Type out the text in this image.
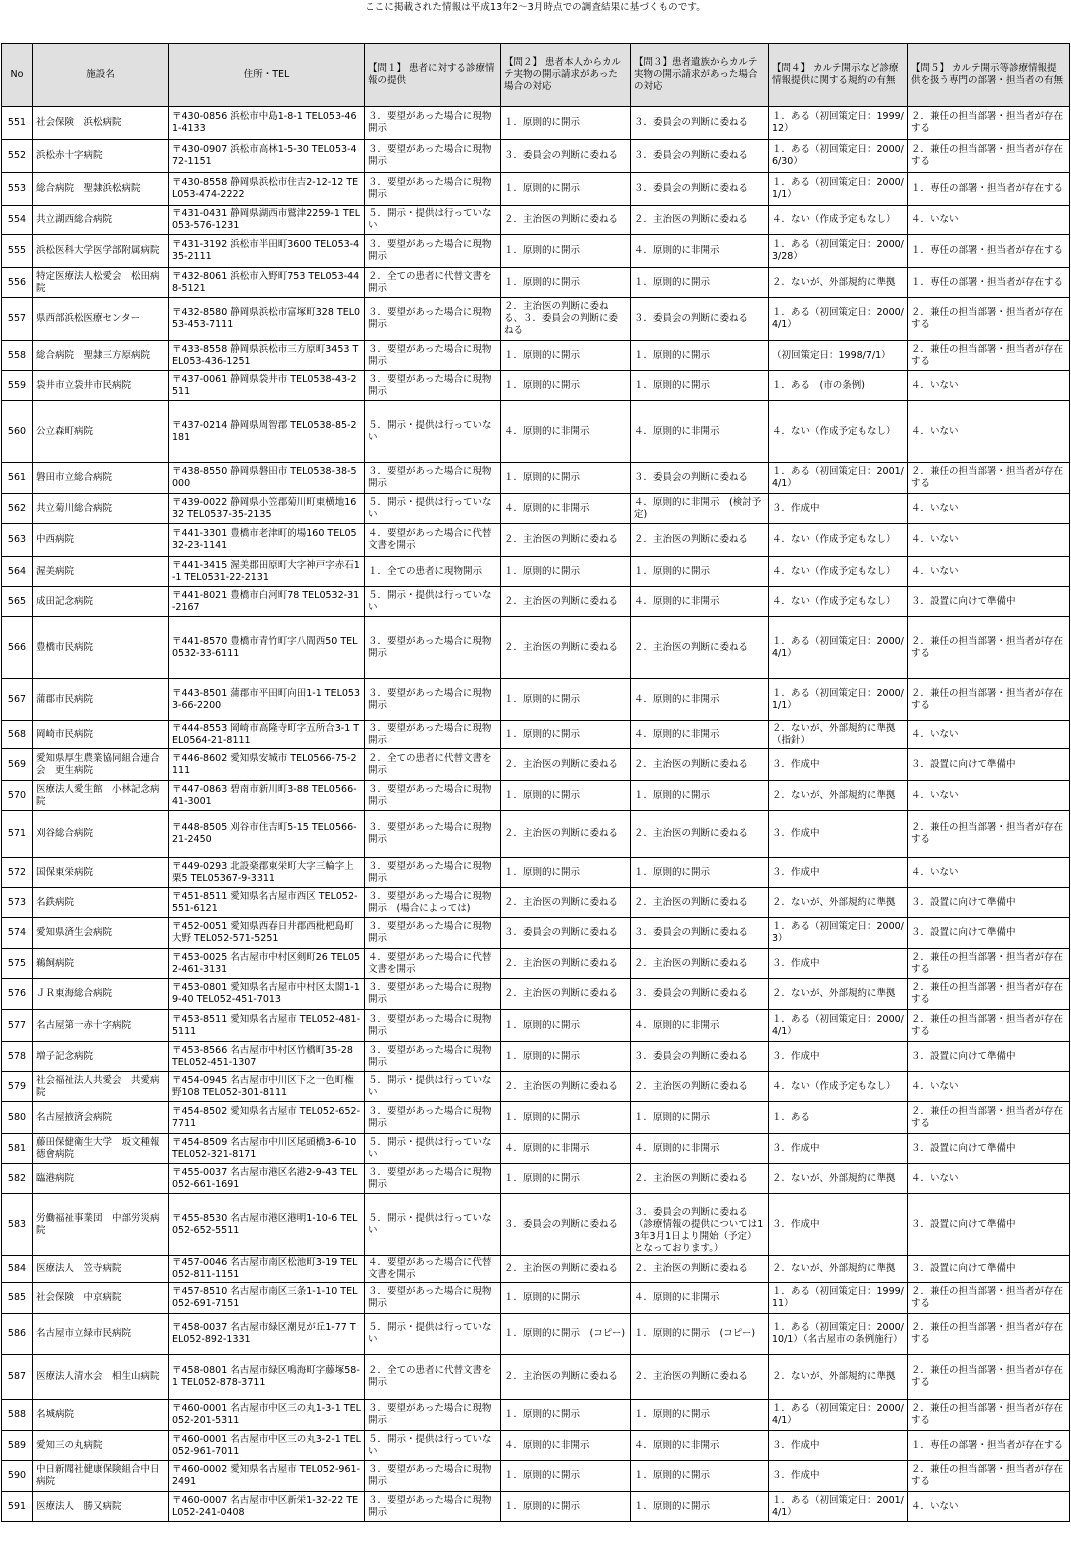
ここに掲載された情報は平成13年2～3月時点での調査結果に基づくものです。
No	施設名	住所・TEL	【問１】 患者に対する診療情報の提供	【問２】 患者本人からカルテ実物の開示請求があった場合の対応	【問３】患者遺族からカルテ実物の開示請求があった場合の対応	【問４】 カルテ開示など診療情報提供に関する規約の有無	【問５】 カルテ開示等診療情報提供を扱う専門の部署・担当者の有無

551	社会保険　浜松病院	〒430-0856 浜松市中島1-8-1 TEL053-461-4133	３．要望があった場合に現物開示	１．原則的に開示	３．委員会の判断に委ねる	１．ある（初回策定日：1999/12）	２．兼任の担当部署・担当者が存在する

552	浜松赤十字病院	〒430-0907 浜松市高林1-5-30 TEL053-472-1151	３．要望があった場合に現物開示	３．委員会の判断に委ねる	３．委員会の判断に委ねる	１．ある（初回策定日：2000/6/30）	２．兼任の担当部署・担当者が存在する

553	総合病院　聖隷浜松病院	〒430-8558 静岡県浜松市住吉2-12-12 TEL053-474-2222	３．要望があった場合に現物開示	１．原則的に開示	３．委員会の判断に委ねる	１．ある（初回策定日：2000/1/1）	１．専任の部署・担当者が存在する

554	共立湖西総合病院	〒431-0431 静岡県湖西市鷲津2259-1 TEL053-576-1231	５．開示・提供は行っていない	２．主治医の判断に委ねる	２．主治医の判断に委ねる	４．ない（作成予定もなし）	４．いない

555	浜松医科大学医学部附属病院	〒431-3192 浜松市半田町3600 TEL053-435-2111	３．要望があった場合に現物開示	１．原則的に開示	４．原則的に非開示	１．ある（初回策定日：2000/3/28）	１．専任の部署・担当者が存在する

556	特定医療法人松愛会　松田病院	〒432-8061 浜松市入野町753 TEL053-448-5121	２．全ての患者に代替文書を開示	１．原則的に開示	１．原則的に開示	２．ないが、外部規約に準拠	１．専任の部署・担当者が存在する

557	県西部浜松医療センター	〒432-8580 静岡県浜松市富塚町328 TEL053-453-7111	３．要望があった場合に現物開示	２．主治医の判断に委ねる、３．委員会の判断に委ねる	３．委員会の判断に委ねる	１．ある（初回策定日：2000/4/1）	２．兼任の担当部署・担当者が存在する

558	総合病院　聖隷三方原病院	〒433-8558 静岡県浜松市三方原町3453 TEL053-436-1251	３．要望があった場合に現物開示	１．原則的に開示	１．原則的に開示	（初回策定日：1998/7/1）	２．兼任の担当部署・担当者が存在する

559	袋井市立袋井市民病院	〒437-0061 静岡県袋井市 TEL0538-43-2511	３．要望があった場合に現物開示	１．原則的に開示	１．原則的に開示	１．ある　(市の条例)	４．いない

560	公立森町病院	〒437-0214 静岡県周智郡 TEL0538-85-2181	５．開示・提供は行っていない	４．原則的に非開示	４．原則的に非開示	４．ない（作成予定もなし）	４．いない

561	磐田市立総合病院	〒438-8550 静岡県磐田市 TEL0538-38-5000	３．要望があった場合に現物開示	１．原則的に開示	３．委員会の判断に委ねる	１．ある（初回策定日：2001/4/1）	２．兼任の担当部署・担当者が存在する

562	共立菊川総合病院	〒439-0022 静岡県小笠郡菊川町東横地1632 TEL0537-35-2135	５．開示・提供は行っていない	４．原則的に非開示	４．原則的に非開示　(検討予定)	３．作成中	４．いない

563	中西病院	〒441-3301 豊橋市老津町的場160 TEL0532-23-1141	４．要望があった場合に代替文書を開示	２．主治医の判断に委ねる	２．主治医の判断に委ねる	４．ない（作成予定もなし）	４．いない

564	渥美病院	〒441-3415 渥美郡田原町大字神戸字赤石1-1 TEL0531-22-2131	１．全ての患者に現物開示	１．原則的に開示	１．原則的に開示	４．ない（作成予定もなし）	４．いない

565	成田記念病院	〒441-8021 豊橋市白河町78 TEL0532-31-2167	５．開示・提供は行っていない	２．主治医の判断に委ねる	４．原則的に非開示	４．ない（作成予定もなし）	３．設置に向けて準備中

566	豊橋市民病院	〒441-8570 豊橋市青竹町字八間西50 TEL0532-33-6111	３．要望があった場合に現物開示	２．主治医の判断に委ねる	２．主治医の判断に委ねる	１．ある（初回策定日：2000/4/1）	２．兼任の担当部署・担当者が存在する

567	蒲郡市民病院	〒443-8501 蒲郡市平田町向田1-1 TEL0533-66-2200	３．要望があった場合に現物開示	１．原則的に開示	４．原則的に非開示	１．ある（初回策定日：2000/1/1）	２．兼任の担当部署・担当者が存在する

568	岡崎市民病院	〒444-8553 岡崎市高隆寺町字五所合3-1 TEL0564-21-8111	３．要望があった場合に現物開示	１．原則的に開示	４．原則的に非開示	２．ないが、外部規約に準拠（指針）	４．いない

569	愛知県厚生農業協同組合連合会　更生病院	〒446-8602 愛知県安城市 TEL0566-75-2111	２．全ての患者に代替文書を開示	２．主治医の判断に委ねる	２．主治医の判断に委ねる	３．作成中	３．設置に向けて準備中

570	医療法人愛生館　小林記念病院	〒447-0863 碧南市新川町3-88 TEL0566-41-3001	３．要望があった場合に現物開示	１．原則的に開示	１．原則的に開示	２．ないが、外部規約に準拠	４．いない

571	刈谷総合病院	〒448-8505 刈谷市住吉町5-15 TEL0566-21-2450	３．要望があった場合に現物開示	２．主治医の判断に委ねる	２．主治医の判断に委ねる	３．作成中	２．兼任の担当部署・担当者が存在する

572	国保東栄病院	〒449-0293 北設楽郡東栄町大字三輪字上栗5 TEL05367-9-3311	３．要望があった場合に現物開示	１．原則的に開示	１．原則的に開示	３．作成中	４．いない

573	名鉄病院	〒451-8511 愛知県名古屋市西区 TEL052-551-6121	３．要望があった場合に現物開示　(場合によっては)	２．主治医の判断に委ねる	２．主治医の判断に委ねる	２．ないが、外部規約に準拠	３．設置に向けて準備中

574	愛知県済生会病院	〒452-0051 愛知県西春日井郡西枇杷島町大野 TEL052-571-5251	３．要望があった場合に現物開示	３．委員会の判断に委ねる	３．委員会の判断に委ねる	１．ある（初回策定日：2000/3）	３．設置に向けて準備中

575	鵜飼病院	〒453-0025 名古屋市中村区剣町26 TEL052-461-3131	４．要望があった場合に代替文書を開示	２．主治医の判断に委ねる	２．主治医の判断に委ねる	３．作成中	２．兼任の担当部署・担当者が存在する

576	ＪＲ東海総合病院	〒453-0801 愛知県名古屋市中村区太閤1-19-40 TEL052-451-7013	３．要望があった場合に現物開示	２．主治医の判断に委ねる	３．委員会の判断に委ねる	２．ないが、外部規約に準拠	２．兼任の担当部署・担当者が存在する

577	名古屋第一赤十字病院	〒453-8511 愛知県名古屋市 TEL052-481-5111	３．要望があった場合に現物開示	１．原則的に開示	４．原則的に非開示	１．ある（初回策定日：2000/4/1）	２．兼任の担当部署・担当者が存在する

578	増子記念病院	〒453-8566 名古屋市中村区竹橋町35-28 TEL052-451-1307	３．要望があった場合に現物開示	１．原則的に開示	３．委員会の判断に委ねる	３．作成中	３．設置に向けて準備中

579	社会福祉法人共愛会　共愛病院	〒454-0945 名古屋市中川区下之一色町権野108 TEL052-301-8111	５．開示・提供は行っていない	２．主治医の判断に委ねる	２．主治医の判断に委ねる	４．ない（作成予定もなし）	４．いない

580	名古屋掖済会病院	〒454-8502 愛知県名古屋市 TEL052-652-7711	３．要望があった場合に現物開示	１．原則的に開示	１．原則的に開示	１．ある	２．兼任の担当部署・担当者が存在する

581	藤田保健衛生大学　坂文種報德會病院	〒454-8509 名古屋市中川区尾頭橋3-6-10 TEL052-321-8171	５．開示・提供は行っていない	４．原則的に非開示	４．原則的に非開示	３．作成中	３．設置に向けて準備中

582	臨港病院	〒455-0037 名古屋市港区名港2-9-43 TEL052-661-1691	３．要望があった場合に現物開示	１．原則的に開示	２．主治医の判断に委ねる	２．ないが、外部規約に準拠	４．いない

583	労働福祉事業団　中部労災病院	〒455-8530 名古屋市港区港明1-10-6 TEL052-652-5511	５．開示・提供は行っていない	３．委員会の判断に委ねる	３．委員会の判断に委ねる（診療情報の提供については13年3月1日より開始（予定）となっております。）	３．作成中	３．設置に向けて準備中

584	医療法人　笠寺病院	〒457-0046 名古屋市南区松池町3-19 TEL052-811-1151	４．要望があった場合に代替文書を開示	２．主治医の判断に委ねる	２．主治医の判断に委ねる	２．ないが、外部規約に準拠	３．設置に向けて準備中

585	社会保険　中京病院	〒457-8510 名古屋市南区三条1-1-10 TEL052-691-7151	３．要望があった場合に現物開示	１．原則的に開示	４．原則的に非開示	１．ある（初回策定日：1999/11）	２．兼任の担当部署・担当者が存在する

586	名古屋市立緑市民病院	〒458-0037 名古屋市緑区潮見が丘1-77 TEL052-892-1331	５．開示・提供は行っていない	１．原則的に開示　(コピー)	１．原則的に開示　(コピー)	１．ある（初回策定日：2000/10/1）（名古屋市の条例施行）	２．兼任の担当部署・担当者が存在する

587	医療法人清水会　相生山病院	〒458-0801 名古屋市緑区鳴海町字藤塚58-1 TEL052-878-3711	２．全ての患者に代替文書を開示	２．主治医の判断に委ねる	２．主治医の判断に委ねる	２．ないが、外部規約に準拠	２．兼任の担当部署・担当者が存在する

588	名城病院	〒460-0001 名古屋市中区三の丸1-3-1 TEL052-201-5311	３．要望があった場合に現物開示	１．原則的に開示	１．原則的に開示	１．ある（初回策定日：2000/4/1）	２．兼任の担当部署・担当者が存在する

589	愛知三の丸病院	〒460-0001 名古屋市中区三の丸3-2-1 TEL052-961-7011	５．開示・提供は行っていない	４．原則的に非開示	４．原則的に非開示	３．作成中	１．専任の部署・担当者が存在する

590	中日新聞社健康保険組合中日病院	〒460-0002 愛知県名古屋市 TEL052-961-2491	３．要望があった場合に現物開示	１．原則的に開示	１．原則的に開示	３．作成中	２．兼任の担当部署・担当者が存在する

591	医療法人　勝又病院	〒460-0007 名古屋市中区新栄1-32-22 TEL052-241-0408	３．要望があった場合に現物開示	１．原則的に開示	１．原則的に開示	１．ある（初回策定日：2001/4/1）	４．いない
